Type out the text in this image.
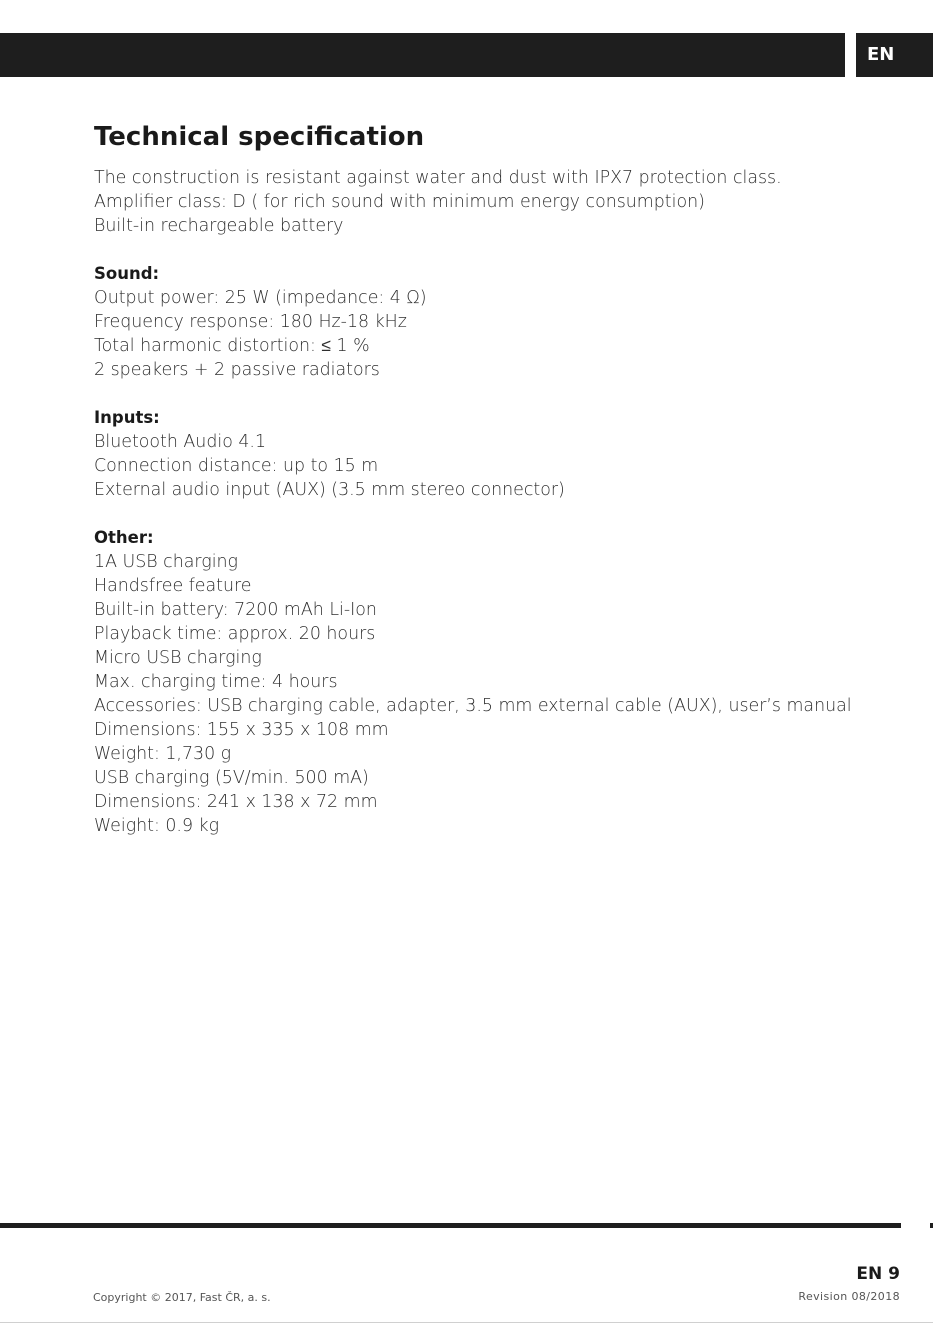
EN
Technical specification
The construction is resistant against water and dust with IPX7 protection class.
Amplifier class: D ( for rich sound with minimum energy consumption)
Built-in rechargeable battery
Sound:
Output power: 25 W (impedance: 4 Ω)
Frequency response: 180 Hz-18 kHz
Total harmonic distortion: ≤ 1 %
2 speakers + 2 passive radiators
Inputs:
Bluetooth Audio 4.1
Connection distance: up to 15 m
External audio input (AUX) (3.5 mm stereo connector)
Other:
1A USB charging
Handsfree feature
Built-in battery: 7200 mAh Li-Ion
Playback time: approx. 20 hours
Micro USB charging
Max. charging time: 4 hours
Accessories: USB charging cable, adapter, 3.5 mm external cable (AUX), user’s manual
Dimensions: 155 x 335 x 108 mm
Weight: 1,730 g
USB charging (5V/min. 500 mA)
Dimensions: 241 x 138 x 72 mm
Weight: 0.9 kg
EN 9
Revision 08/2018
Copyright © 2017, Fast ČR, a. s.
